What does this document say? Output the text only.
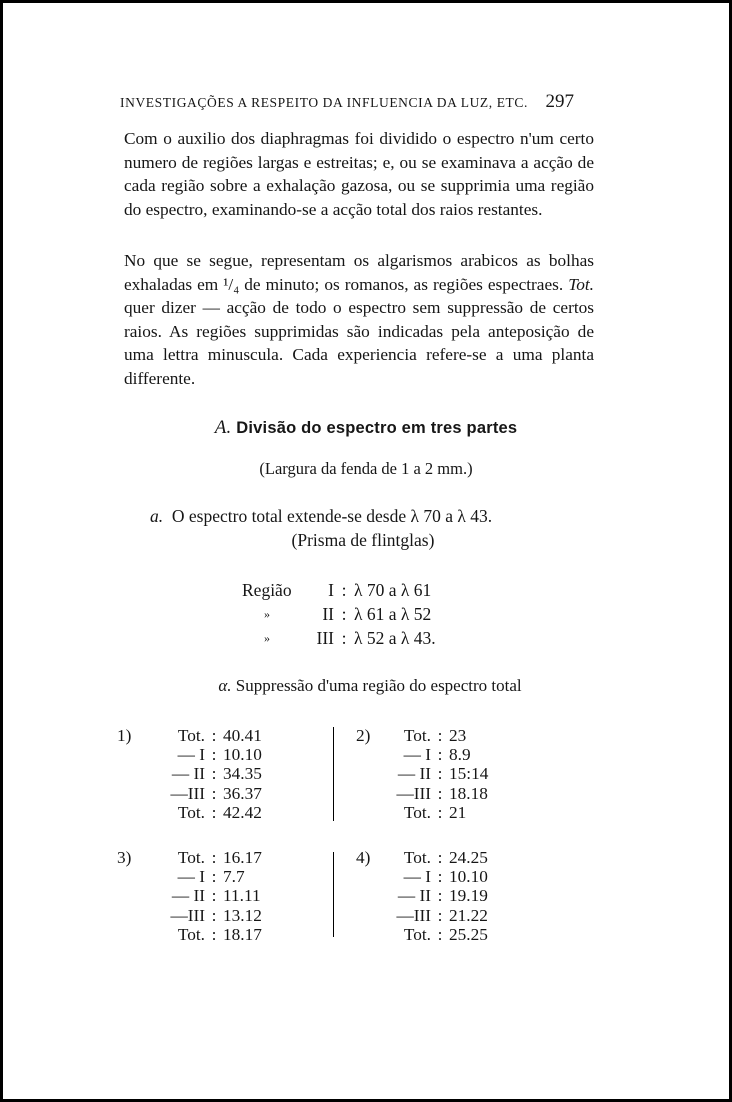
INVESTIGAÇÕES A RESPEITO DA INFLUENCIA DA LUZ, ETC. 297

Com o auxilio dos diaphragmas foi dividido o espectro n'um certo numero de regiões largas e estreitas; e, ou se examinava a acção de cada região sobre a exhalação gazosa, ou se supprimia uma região do espectro, examinando-se a acção total dos raios restantes.

No que se segue, representam os algarismos arabicos as bolhas exhaladas em ¹/₄ de minuto; os romanos, as regiões espectraes. Tot. quer dizer — acção de todo o espectro sem suppressão de certos raios. As regiões supprimidas são indicadas pela anteposição de uma lettra minuscula. Cada experiencia refere-se a uma planta differente.

A. Divisão do espectro em tres partes

(Largura da fenda de 1 a 2 mm.)

a. O espectro total extende-se desde λ 70 a λ 43.

(Prisma de flintglas)

Região	I : λ 70 a λ 61
»	II : λ 61 a λ 52
»	III : λ 52 a λ 43.

α. Suppressão d'uma região do espectro total

1)	Tot. : 40.41
— I : 10.10
— II : 34.35
—III : 36.37
Tot. : 42.42
2)	Tot. : 23
— I : 8.9
— II : 15:14
—III : 18.18
Tot. : 21
3)	Tot. : 16.17
— I : 7.7
— II : 11.11
—III : 13.12
Tot. : 18.17
4)	Tot. : 24.25
— I : 10.10
— II : 19.19
—III : 21.22
Tot. : 25.25
